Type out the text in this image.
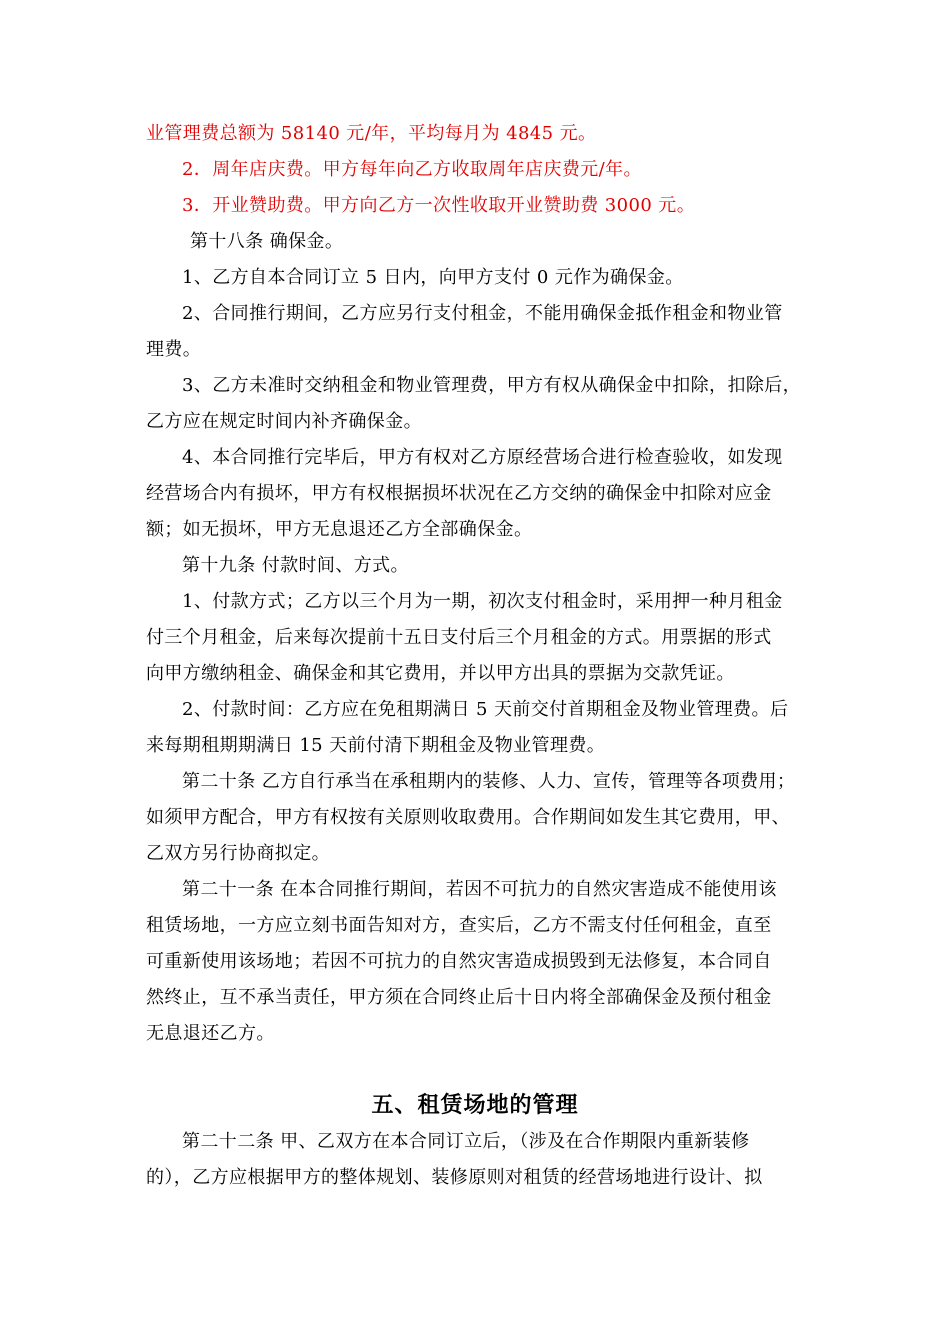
业管理费总额为 58140 元/年，平均每月为 4845 元。
2．周年店庆费。甲方每年向乙方收取周年店庆费元/年。
3．开业赞助费。甲方向乙方一次性收取开业赞助费 3000 元。
第十八条 确保金。
1、乙方自本合同订立 5 日内，向甲方支付 0 元作为确保金。
2、合同推行期间，乙方应另行支付租金，不能用确保金抵作租金和物业管
理费。
3、乙方未准时交纳租金和物业管理费，甲方有权从确保金中扣除，扣除后，
乙方应在规定时间内补齐确保金。
4、本合同推行完毕后，甲方有权对乙方原经营场合进行检查验收，如发现
经营场合内有损坏，甲方有权根据损坏状况在乙方交纳的确保金中扣除对应金
额；如无损坏，甲方无息退还乙方全部确保金。
第十九条 付款时间、方式。
1、付款方式；乙方以三个月为一期，初次支付租金时，采用押一种月租金
付三个月租金，后来每次提前十五日支付后三个月租金的方式。用票据的形式
向甲方缴纳租金、确保金和其它费用，并以甲方出具的票据为交款凭证。
2、付款时间：乙方应在免租期满日 5 天前交付首期租金及物业管理费。后
来每期租期期满日 15 天前付清下期租金及物业管理费。
第二十条 乙方自行承当在承租期内的装修、人力、宣传，管理等各项费用；
如须甲方配合，甲方有权按有关原则收取费用。合作期间如发生其它费用，甲、
乙双方另行协商拟定。
第二十一条 在本合同推行期间，若因不可抗力的自然灾害造成不能使用该
租赁场地，一方应立刻书面告知对方，查实后，乙方不需支付任何租金，直至
可重新使用该场地；若因不可抗力的自然灾害造成损毁到无法修复，本合同自
然终止，互不承当责任，甲方须在合同终止后十日内将全部确保金及预付租金
无息退还乙方。
五、租赁场地的管理
第二十二条 甲、乙双方在本合同订立后，（涉及在合作期限内重新装修
的），乙方应根据甲方的整体规划、装修原则对租赁的经营场地进行设计、拟
